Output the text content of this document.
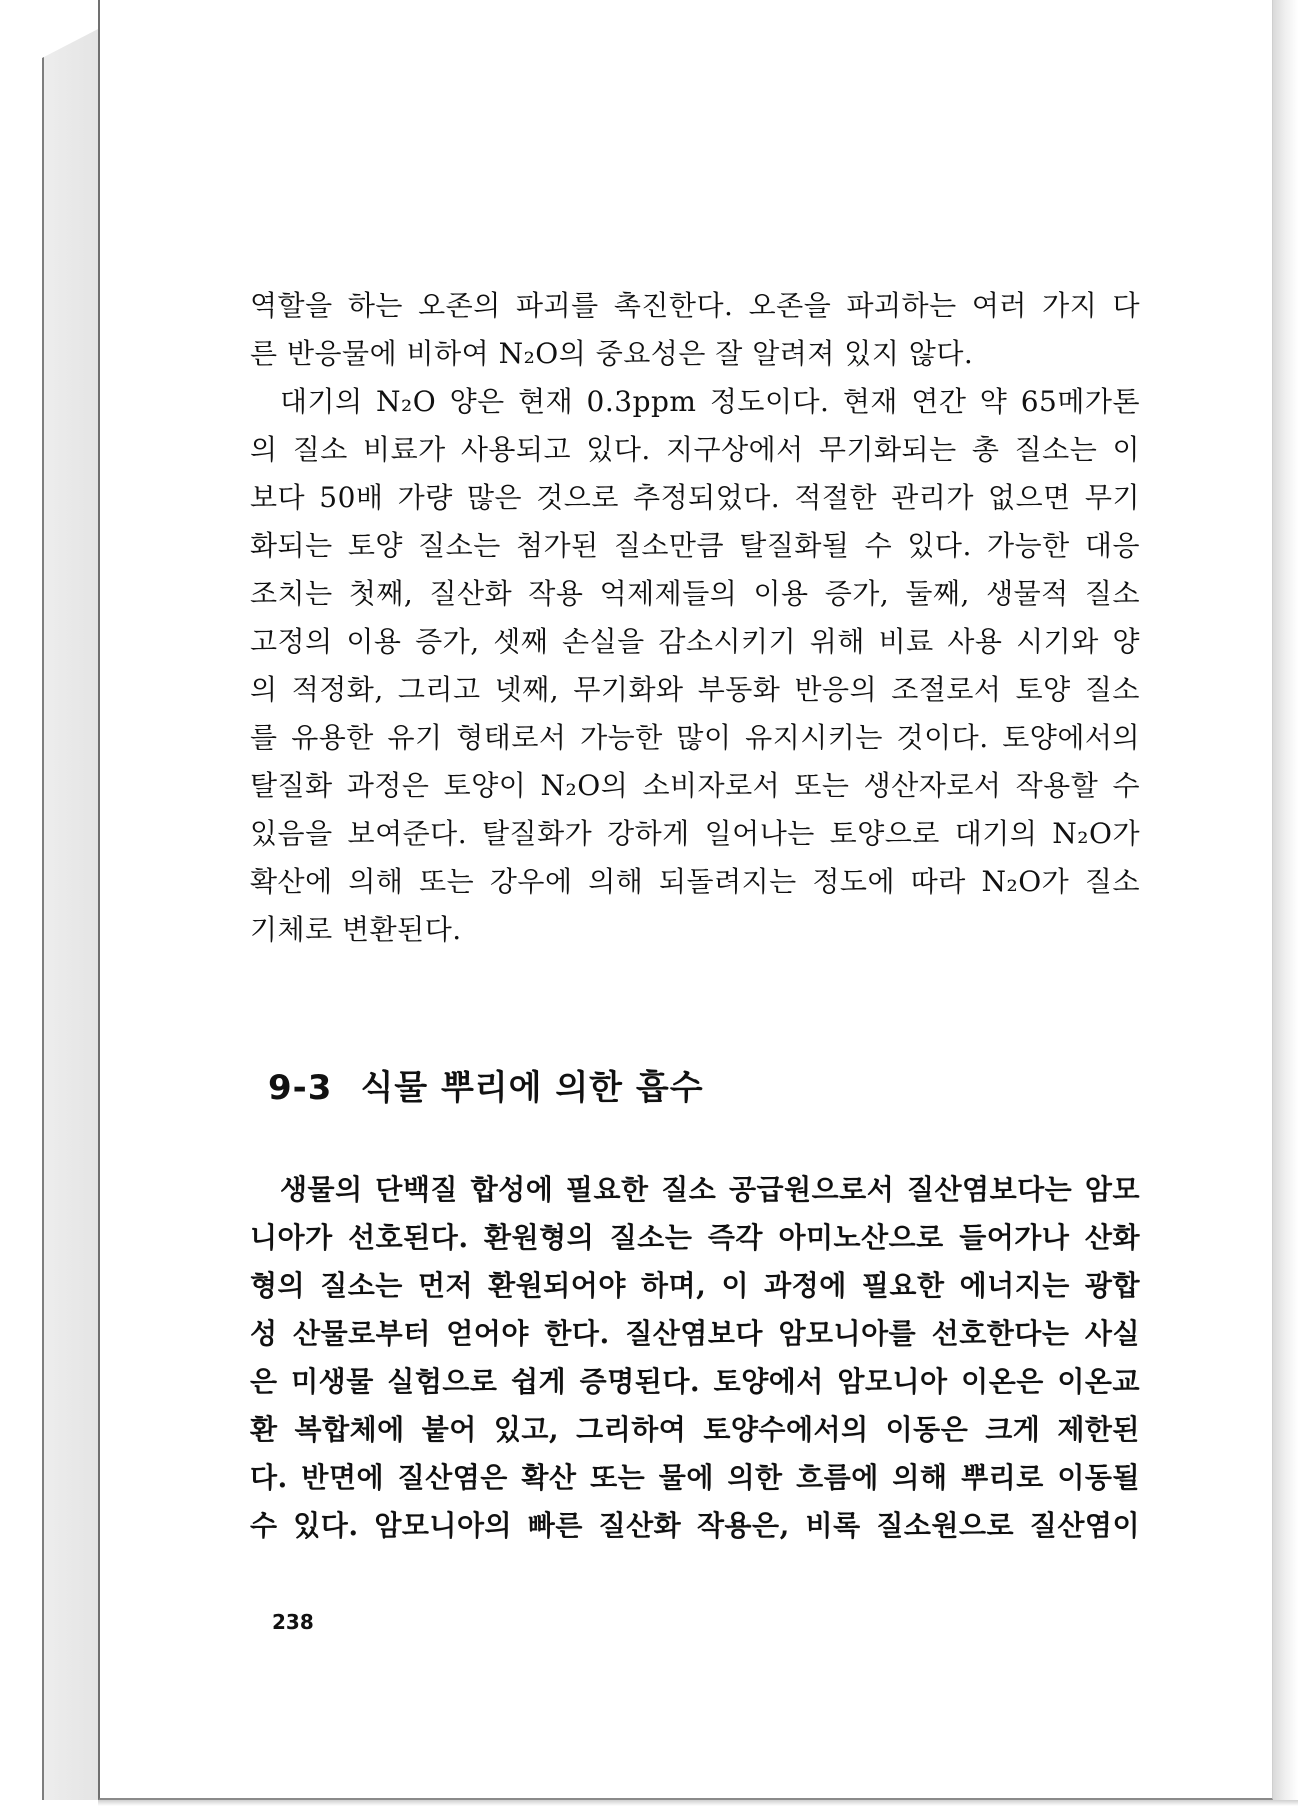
역할을 하는 오존의 파괴를 촉진한다. 오존을 파괴하는 여러 가지 다
른 반응물에 비하여 N₂O의 중요성은 잘 알려져 있지 않다.
대기의 N₂O 양은 현재 0.3ppm 정도이다. 현재 연간 약 65메가톤
의 질소 비료가 사용되고 있다. 지구상에서 무기화되는 총 질소는 이
보다 50배 가량 많은 것으로 추정되었다. 적절한 관리가 없으면 무기
화되는 토양 질소는 첨가된 질소만큼 탈질화될 수 있다. 가능한 대응
조치는 첫째, 질산화 작용 억제제들의 이용 증가, 둘째, 생물적 질소
고정의 이용 증가, 셋째 손실을 감소시키기 위해 비료 사용 시기와 양
의 적정화, 그리고 넷째, 무기화와 부동화 반응의 조절로서 토양 질소
를 유용한 유기 형태로서 가능한 많이 유지시키는 것이다. 토양에서의
탈질화 과정은 토양이 N₂O의 소비자로서 또는 생산자로서 작용할 수
있음을 보여준다. 탈질화가 강하게 일어나는 토양으로 대기의 N₂O가
확산에 의해 또는 강우에 의해 되돌려지는 정도에 따라 N₂O가 질소
기체로 변환된다.
9-3 식물 뿌리에 의한 흡수
생물의 단백질 합성에 필요한 질소 공급원으로서 질산염보다는 암모
니아가 선호된다. 환원형의 질소는 즉각 아미노산으로 들어가나 산화
형의 질소는 먼저 환원되어야 하며, 이 과정에 필요한 에너지는 광합
성 산물로부터 얻어야 한다. 질산염보다 암모니아를 선호한다는 사실
은 미생물 실험으로 쉽게 증명된다. 토양에서 암모니아 이온은 이온교
환 복합체에 붙어 있고, 그리하여 토양수에서의 이동은 크게 제한된
다. 반면에 질산염은 확산 또는 물에 의한 흐름에 의해 뿌리로 이동될
수 있다. 암모니아의 빠른 질산화 작용은, 비록 질소원으로 질산염이
238
